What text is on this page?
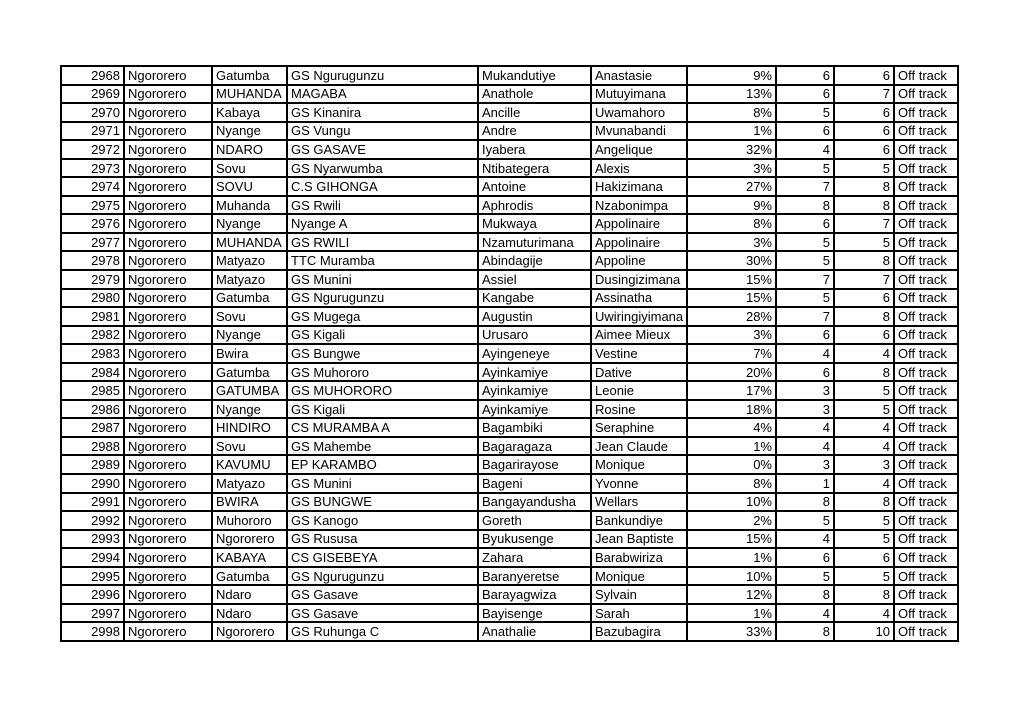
2968	Ngororero	Gatumba	GS Ngurugunzu	Mukandutiye	Anastasie	9%	6	6	Off track
2969	Ngororero	MUHANDA	MAGABA	Anathole	Mutuyimana	13%	6	7	Off track
2970	Ngororero	Kabaya	GS Kinanira	Ancille	Uwamahoro	8%	5	6	Off track
2971	Ngororero	Nyange	GS Vungu	Andre	Mvunabandi	1%	6	6	Off track
2972	Ngororero	NDARO	GS GASAVE	Iyabera	Angelique	32%	4	6	Off track
2973	Ngororero	Sovu	GS Nyarwumba	Ntibategera	Alexis	3%	5	5	Off track
2974	Ngororero	SOVU	C.S GIHONGA	Antoine	Hakizimana	27%	7	8	Off track
2975	Ngororero	Muhanda	GS Rwili	Aphrodis	Nzabonimpa	9%	8	8	Off track
2976	Ngororero	Nyange	Nyange A	Mukwaya	Appolinaire	8%	6	7	Off track
2977	Ngororero	MUHANDA	GS RWILI	Nzamuturimana	Appolinaire	3%	5	5	Off track
2978	Ngororero	Matyazo	TTC Muramba	Abindagije	Appoline	30%	5	8	Off track
2979	Ngororero	Matyazo	GS Munini	Assiel	Dusingizimana	15%	7	7	Off track
2980	Ngororero	Gatumba	GS Ngurugunzu	Kangabe	Assinatha	15%	5	6	Off track
2981	Ngororero	Sovu	GS Mugega	Augustin	Uwiringiyimana	28%	7	8	Off track
2982	Ngororero	Nyange	GS Kigali	Urusaro	Aimee Mieux	3%	6	6	Off track
2983	Ngororero	Bwira	GS Bungwe	Ayingeneye	Vestine	7%	4	4	Off track
2984	Ngororero	Gatumba	GS Muhororo	Ayinkamiye	Dative	20%	6	8	Off track
2985	Ngororero	GATUMBA	GS MUHORORO	Ayinkamiye	Leonie	17%	3	5	Off track
2986	Ngororero	Nyange	GS Kigali	Ayinkamiye	Rosine	18%	3	5	Off track
2987	Ngororero	HINDIRO	CS MURAMBA A	Bagambiki	Seraphine	4%	4	4	Off track
2988	Ngororero	Sovu	GS Mahembe	Bagaragaza	Jean Claude	1%	4	4	Off track
2989	Ngororero	KAVUMU	EP KARAMBO	Bagarirayose	Monique	0%	3	3	Off track
2990	Ngororero	Matyazo	GS Munini	Bageni	Yvonne	8%	1	4	Off track
2991	Ngororero	BWIRA	GS BUNGWE	Bangayandusha	Wellars	10%	8	8	Off track
2992	Ngororero	Muhororo	GS Kanogo	Goreth	Bankundiye	2%	5	5	Off track
2993	Ngororero	Ngororero	GS Rususa	Byukusenge	Jean Baptiste	15%	4	5	Off track
2994	Ngororero	KABAYA	CS GISEBEYA	Zahara	Barabwiriza	1%	6	6	Off track
2995	Ngororero	Gatumba	GS Ngurugunzu	Baranyeretse	Monique	10%	5	5	Off track
2996	Ngororero	Ndaro	GS Gasave	Barayagwiza	Sylvain	12%	8	8	Off track
2997	Ngororero	Ndaro	GS Gasave	Bayisenge	Sarah	1%	4	4	Off track
2998	Ngororero	Ngororero	GS Ruhunga C	Anathalie	Bazubagira	33%	8	10	Off track
